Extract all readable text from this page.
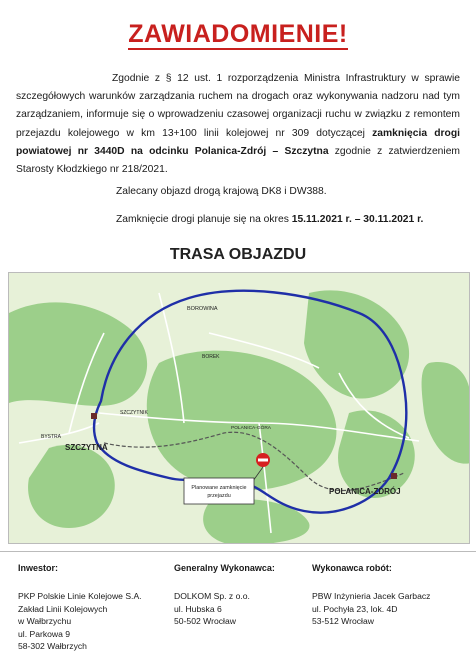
ZAWIADOMIENIE!
Zgodnie z § 12 ust. 1 rozporządzenia Ministra Infrastruktury w sprawie szczegółowych warunków zarządzania ruchem na drogach oraz wykonywania nadzoru nad tym zarządzaniem, informuje się o wprowadzeniu czasowej organizacji ruchu w związku z remontem przejazdu kolejowego w km 13+100 linii kolejowej nr 309 dotyczącej zamknięcia drogi powiatowej nr 3440D na odcinku Polanica-Zdrój – Szczytna zgodnie z zatwierdzeniem Starosty Kłodzkiego nr 218/2021.
Zalecany objazd drogą krajową DK8 i DW388.
Zamknięcie drogi planuje się na okres 15.11.2021 r. – 30.11.2021 r.
TRASA OBJAZDU
Planowane zamknięcie
przejazdu
BOROWINA
BOREK
SZCZYTNIK
SZCZYTNA
BYSTRA
POLANICA-GÓRA
POLANICA-ZDRÓJ
Inwestor:
PKP Polskie Linie Kolejowe S.A.
Zakład Linii Kolejowych
w Wałbrzychu
ul. Parkowa 9
58-302 Wałbrzych
Generalny Wykonawca:
DOLKOM Sp. z o.o.
ul. Hubska 6
50-502 Wrocław
Wykonawca robót:
PBW Inżynieria Jacek Garbacz
ul. Pochyła 23, lok. 4D
53-512 Wrocław
